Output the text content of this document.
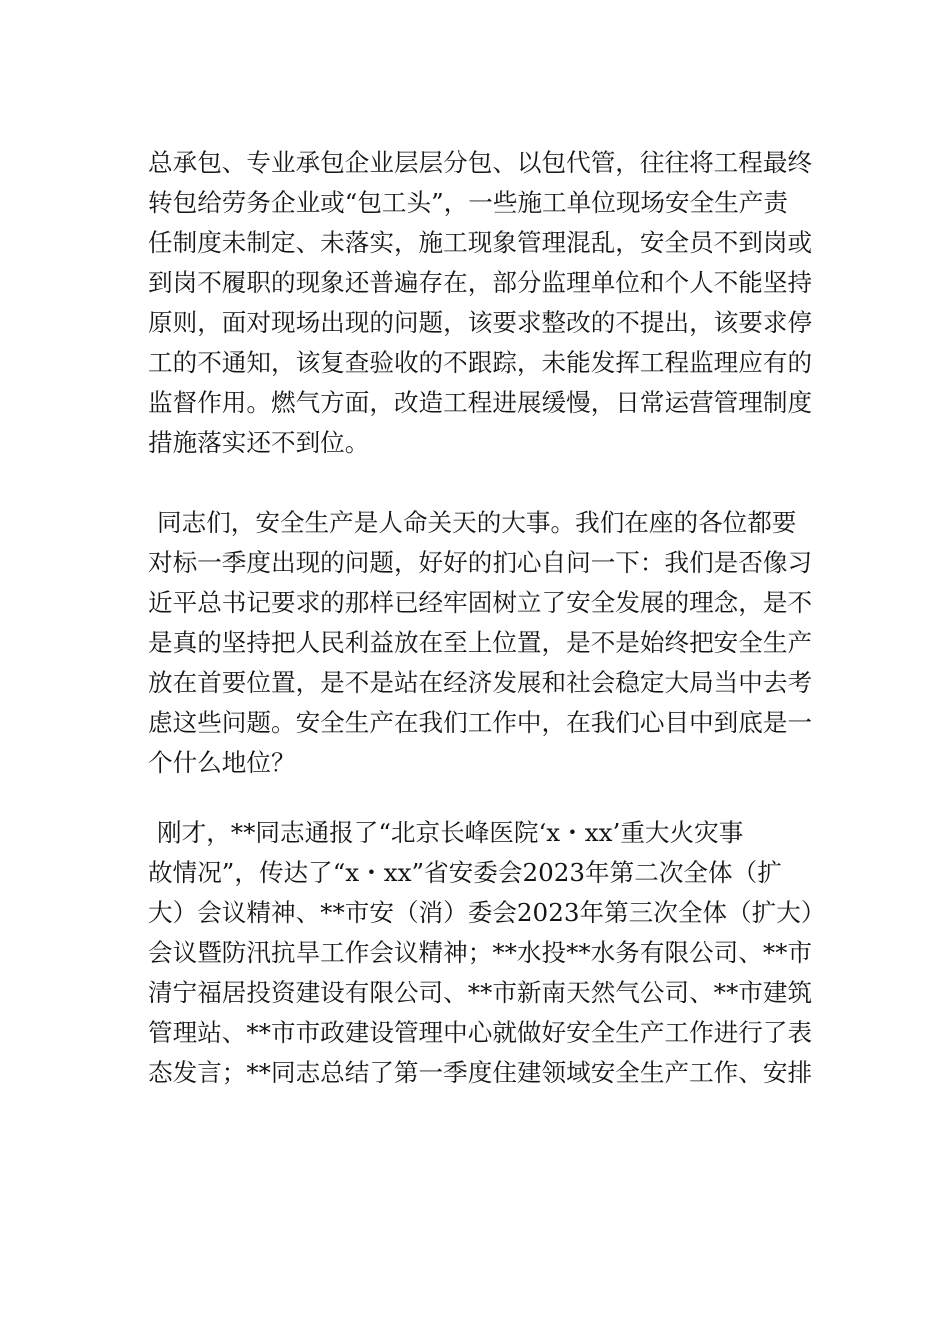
总承包、专业承包企业层层分包、以包代管，往往将工程最终
转包给劳务企业或“包工头”，一些施工单位现场安全生产责
任制度未制定、未落实，施工现象管理混乱，安全员不到岗或
到岗不履职的现象还普遍存在，部分监理单位和个人不能坚持
原则，面对现场出现的问题，该要求整改的不提出，该要求停
工的不通知，该复查验收的不跟踪，未能发挥工程监理应有的
监督作用。燃气方面，改造工程进展缓慢，日常运营管理制度
措施落实还不到位。
同志们，安全生产是人命关天的大事。我们在座的各位都要
对标一季度出现的问题，好好的扪心自问一下：我们是否像习
近平总书记要求的那样已经牢固树立了安全发展的理念，是不
是真的坚持把人民利益放在至上位置，是不是始终把安全生产
放在首要位置，是不是站在经济发展和社会稳定大局当中去考
虑这些问题。安全生产在我们工作中，在我们心目中到底是一
个什么地位？
刚才，**同志通报了“北京长峰医院‘x・xx’重大火灾事
故情况”，传达了“x・xx”省安委会2023年第二次全体（扩
大）会议精神、**市安（消）委会2023年第三次全体（扩大）
会议暨防汛抗旱工作会议精神；**水投**水务有限公司、**市
清宁福居投资建设有限公司、**市新南天然气公司、**市建筑
管理站、**市市政建设管理中心就做好安全生产工作进行了表
态发言；**同志总结了第一季度住建领域安全生产工作、安排
